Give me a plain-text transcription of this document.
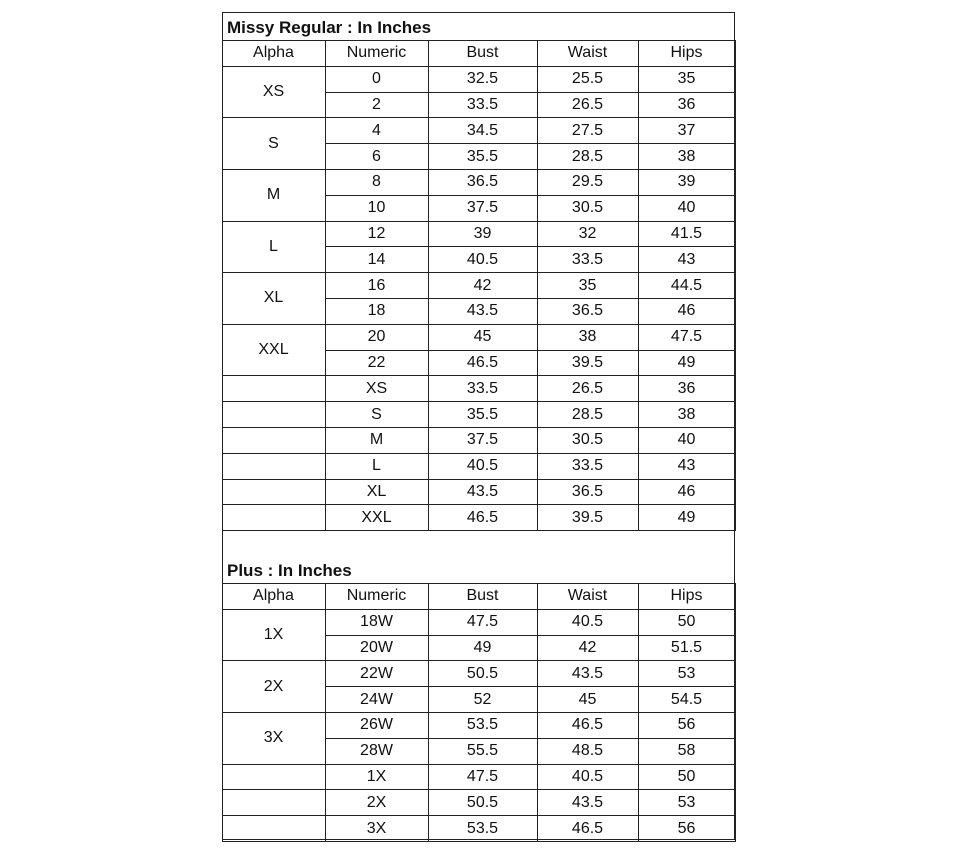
Missy Regular : In Inches
Alpha	Numeric	Bust	Waist	Hips
XS	0	32.5	25.5	35
	2	33.5	26.5	36
S	4	34.5	27.5	37
	6	35.5	28.5	38
M	8	36.5	29.5	39
	10	37.5	30.5	40
L	12	39	32	41.5
	14	40.5	33.5	43
XL	16	42	35	44.5
	18	43.5	36.5	46
XXL	20	45	38	47.5
	22	46.5	39.5	49
	XS	33.5	26.5	36
	S	35.5	28.5	38
	M	37.5	30.5	40
	L	40.5	33.5	43
	XL	43.5	36.5	46
	XXL	46.5	39.5	49
Plus : In Inches
Alpha	Numeric	Bust	Waist	Hips
1X	18W	47.5	40.5	50
	20W	49	42	51.5
2X	22W	50.5	43.5	53
	24W	52	45	54.5
3X	26W	53.5	46.5	56
	28W	55.5	48.5	58
	1X	47.5	40.5	50
	2X	50.5	43.5	53
	3X	53.5	46.5	56
